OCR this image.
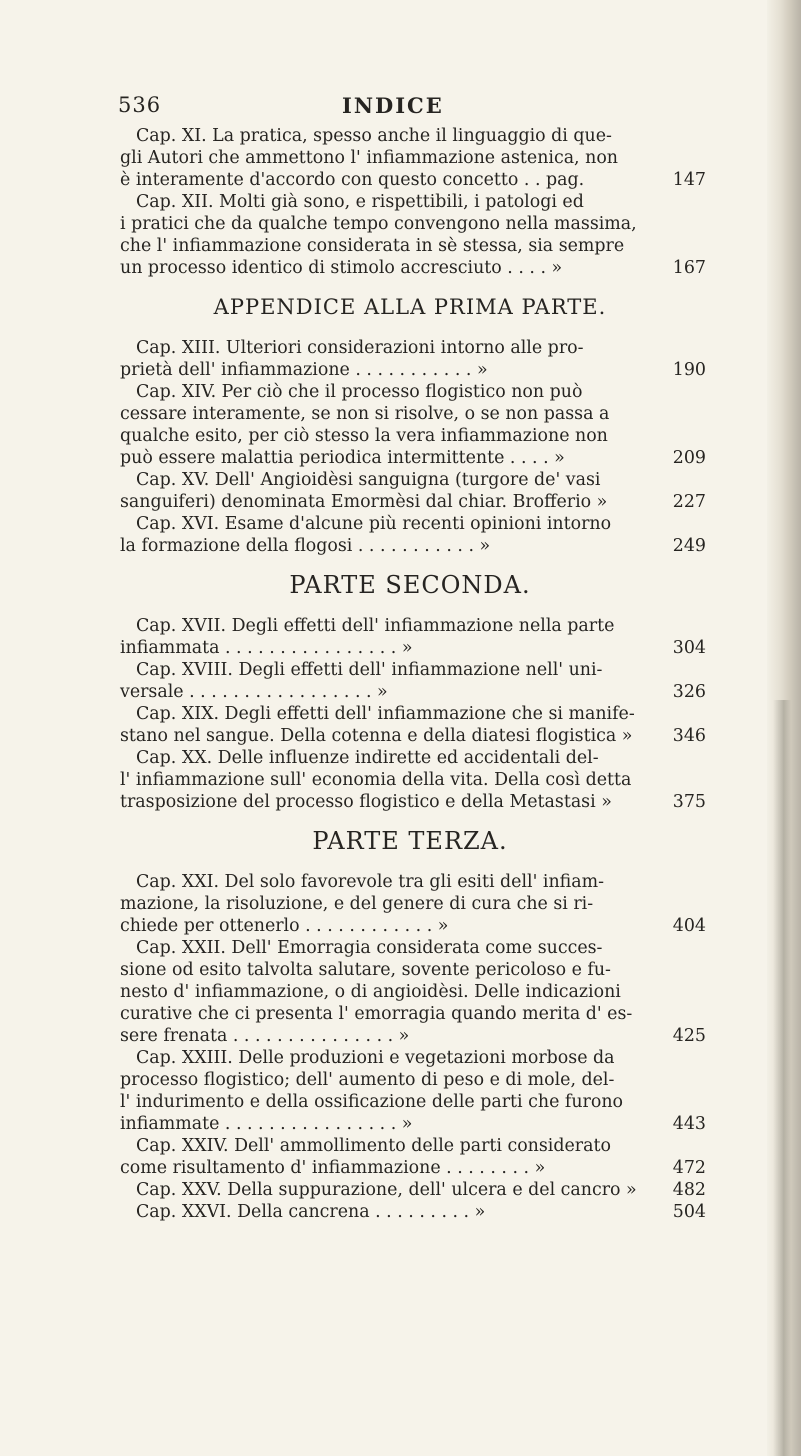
536	INDICE
Cap. XI. La pratica, spesso anche il linguaggio di que-
gli Autori che ammettono l' infiammazione astenica, non
è interamente d'accordo con questo concetto . . pag.	147
Cap. XII. Molti già sono, e rispettibili, i patologi ed
i pratici che da qualche tempo convengono nella massima,
che l' infiammazione considerata in sè stessa, sia sempre
un processo identico di stimolo accresciuto . . . . »	167
APPENDICE ALLA PRIMA PARTE.
Cap. XIII. Ulteriori considerazioni intorno alle pro-
prietà dell' infiammazione . . . . . . . . . . . »	190
Cap. XIV. Per ciò che il processo flogistico non può
cessare interamente, se non si risolve, o se non passa a
qualche esito, per ciò stesso la vera infiammazione non
può essere malattia periodica intermittente . . . . »	209
Cap. XV. Dell' Angioidèsi sanguigna (turgore de' vasi
sanguiferi) denominata Emormèsi dal chiar. Brofferio »	227
Cap. XVI. Esame d'alcune più recenti opinioni intorno
la formazione della flogosi . . . . . . . . . . . »	249
PARTE SECONDA.
Cap. XVII. Degli effetti dell' infiammazione nella parte
infiammata . . . . . . . . . . . . . . . . »	304
Cap. XVIII. Degli effetti dell' infiammazione nell' uni-
versale . . . . . . . . . . . . . . . . . »	326
Cap. XIX. Degli effetti dell' infiammazione che si manife-
stano nel sangue. Della cotenna e della diatesi flogistica » 346
Cap. XX. Delle influenze indirette ed accidentali del-
l' infiammazione sull' economia della vita. Della così detta
trasposizione del processo flogistico e della Metastasi »	375
PARTE TERZA.
Cap. XXI. Del solo favorevole tra gli esiti dell' infiam-
mazione, la risoluzione, e del genere di cura che si ri-
chiede per ottenerlo . . . . . . . . . . . . »	404
Cap. XXII. Dell' Emorragia considerata come succes-
sione od esito talvolta salutare, sovente pericoloso e fu-
nesto d' infiammazione, o di angioidèsi. Delle indicazioni
curative che ci presenta l' emorragia quando merita d' es-
sere frenata . . . . . . . . . . . . . . . »	425
Cap. XXIII. Delle produzioni e vegetazioni morbose da
processo flogistico; dell' aumento di peso e di mole, del-
l' indurimento e della ossificazione delle parti che furono
infiammate . . . . . . . . . . . . . . . . »	443
Cap. XXIV. Dell' ammollimento delle parti considerato
come risultamento d' infiammazione . . . . . . . . »	472
Cap. XXV. Della suppurazione, dell' ulcera e del cancro »	482
Cap. XXVI. Della cancrena . . . . . . . . . »	504
